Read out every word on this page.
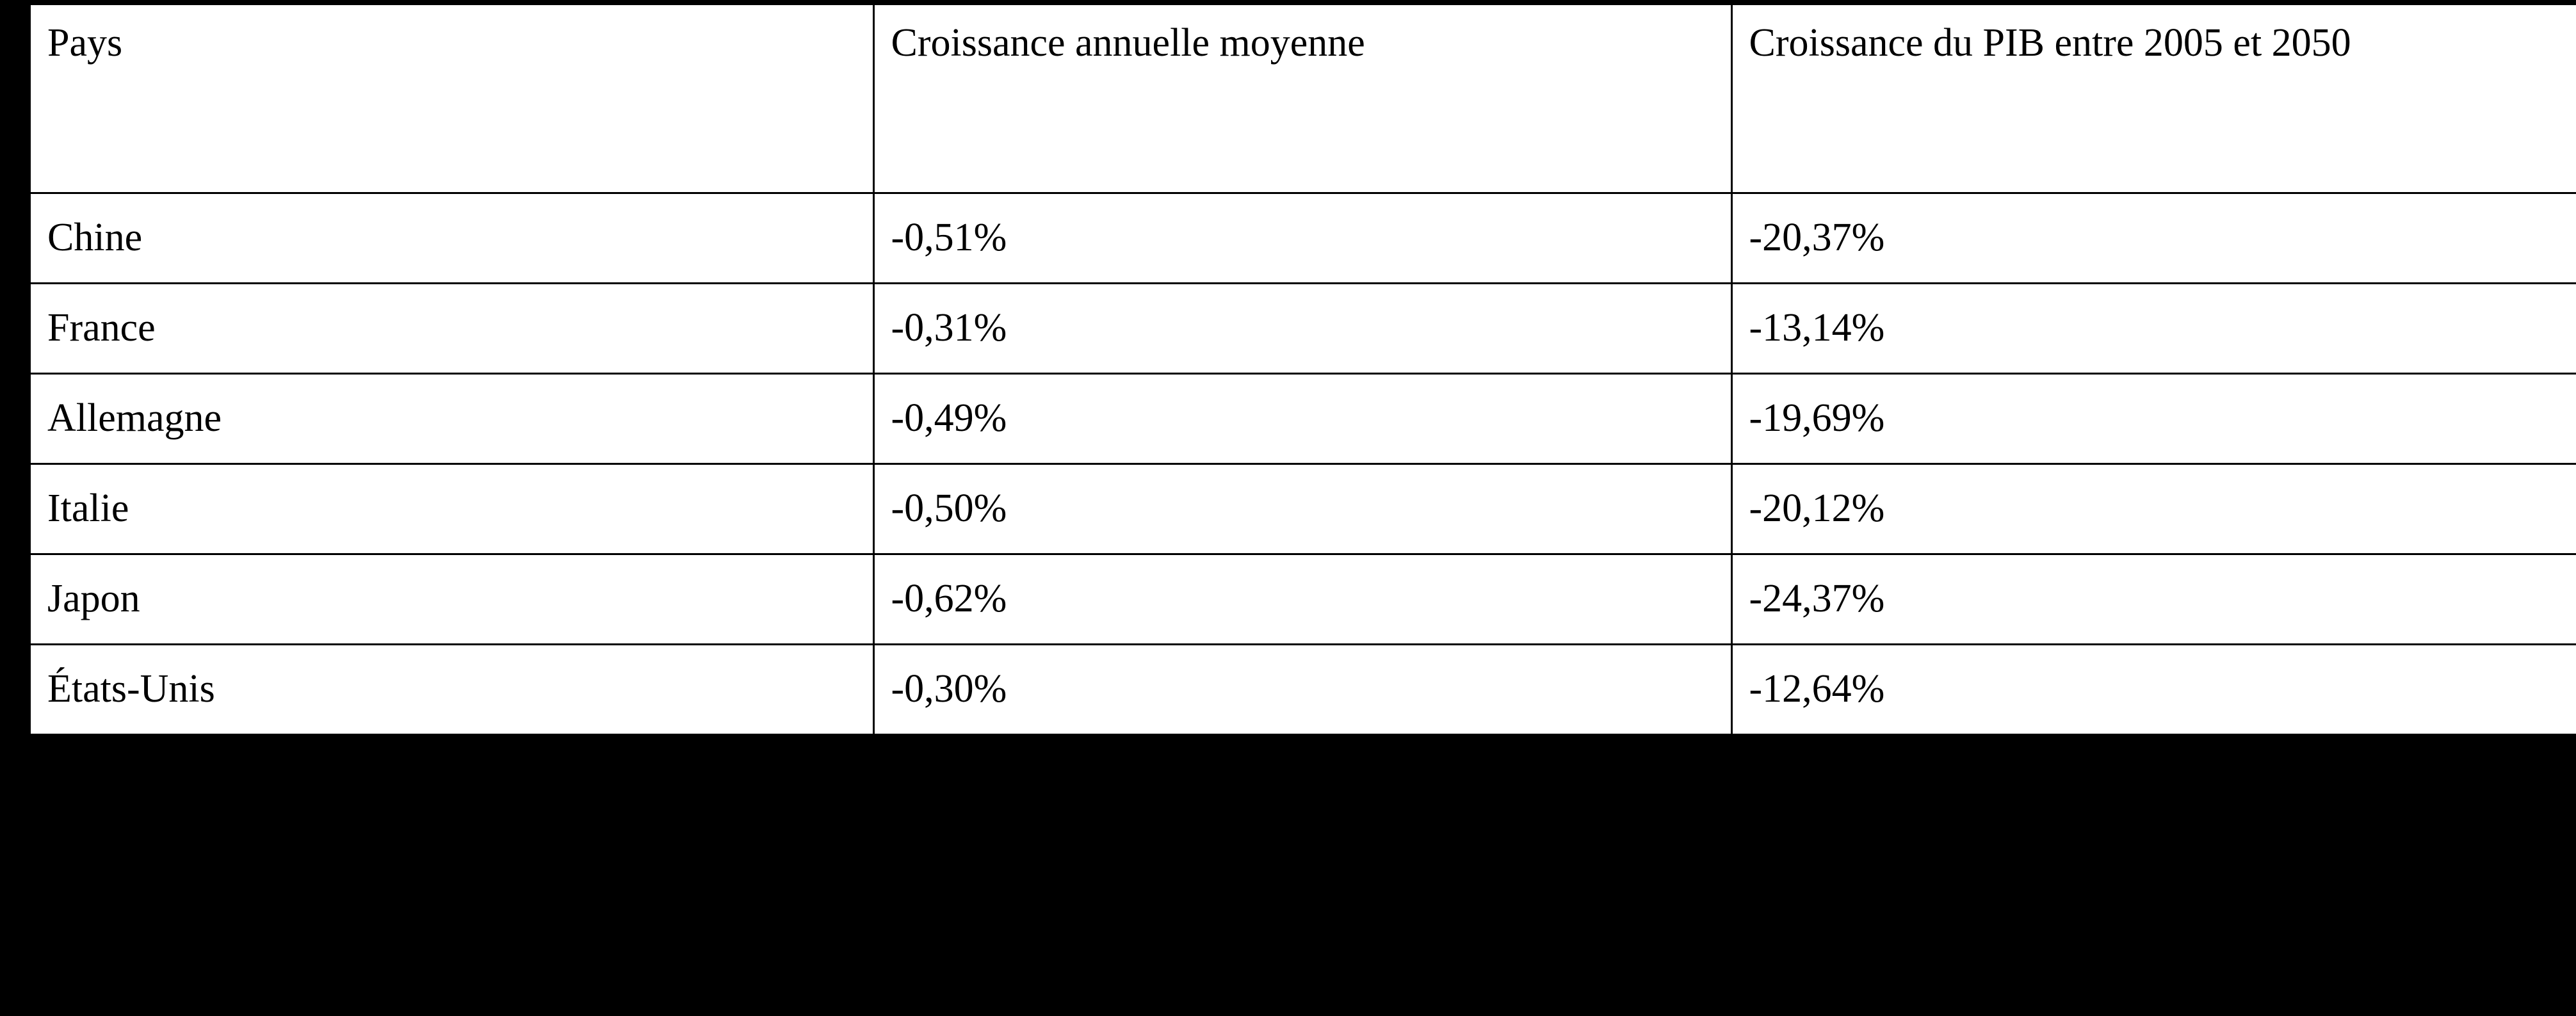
Pays	Croissance annuelle moyenne	Croissance du PIB entre 2005 et 2050

Chine	-0,51%	-20,37%

France	-0,31%	-13,14%

Allemagne	-0,49%	-19,69%

Italie	-0,50%	-20,12%

Japon	-0,62%	-24,37%

États-Unis	-0,30%	-12,64%
